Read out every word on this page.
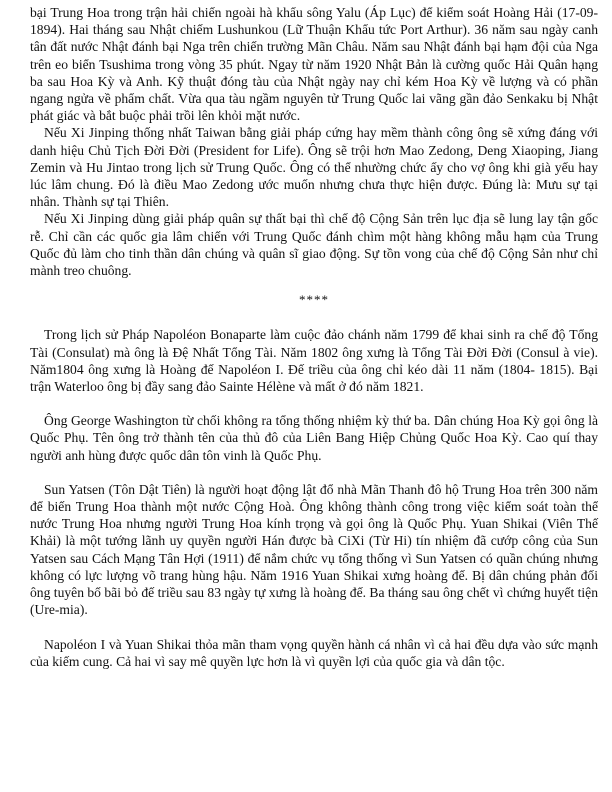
bại Trung Hoa trong trận hải chiến ngoài hà khẩu sông Yalu (Áp Lục) để kiểm soát Hoàng Hải (17-09-1894). Hai tháng sau Nhật chiếm Lushunkou (Lữ Thuận Khẩu tức Port Arthur). 36 năm sau ngày canh tân đất nước Nhật đánh bại Nga trên chiến trường Mãn Châu. Năm sau Nhật đánh bại hạm đội của Nga trên eo biển Tsushima trong vòng 35 phút. Ngay từ năm 1920 Nhật Bản là cường quốc Hải Quân hạng ba sau Hoa Kỳ và Anh. Kỹ thuật đóng tàu của Nhật ngày nay chỉ kém Hoa Kỳ về lượng và có phần ngang ngửa về phẩm chất. Vừa qua tàu ngầm nguyên tử Trung Quốc lai vãng gần đảo Senkaku bị Nhật phát giác và bắt buộc phải trồi lên khỏi mặt nước.

Nếu Xi Jinping thống nhất Taiwan bằng giải pháp cứng hay mềm thành công ông sẽ xứng đáng với danh hiệu Chủ Tịch Đời Đời (President for Life). Ông sẽ trội hơn Mao Zedong, Deng Xiaoping, Jiang Zemin và Hu Jintao trong lịch sử Trung Quốc. Ông có thể nhường chức ấy cho vợ ông khi già yếu hay lúc lâm chung. Đó là điều Mao Zedong ước muốn nhưng chưa thực hiện được. Đúng là: Mưu sự tại nhân. Thành sự tại Thiên.

Nếu Xi Jinping dùng giải pháp quân sự thất bại thì chế độ Cộng Sản trên lục địa sẽ lung lay tận gốc rễ. Chỉ cần các quốc gia lâm chiến với Trung Quốc đánh chìm một hàng không mẫu hạm của Trung Quốc đủ làm cho tinh thần dân chúng và quân sĩ giao động. Sự tồn vong của chế độ Cộng Sản như chỉ mành treo chuông.

****

Trong lịch sử Pháp Napoléon Bonaparte làm cuộc đảo chánh năm 1799 để khai sinh ra chế độ Tổng Tài (Consulat) mà ông là Đệ Nhất Tổng Tài. Năm 1802 ông xưng là Tổng Tài Đời Đời (Consul à vie). Năm1804 ông xưng là Hoàng đế Napoléon I. Đế triều của ông chỉ kéo dài 11 năm (1804- 1815). Bại trận Waterloo ông bị đầy sang đảo Sainte Hélène và mất ở đó năm 1821.

Ông George Washington từ chối không ra tổng thống nhiệm kỳ thứ ba. Dân chúng Hoa Kỳ gọi ông là Quốc Phụ. Tên ông trở thành tên của thủ đô của Liên Bang Hiệp Chủng Quốc Hoa Kỳ. Cao quí thay người anh hùng được quốc dân tôn vinh là Quốc Phụ.

Sun Yatsen (Tôn Dật Tiên) là người hoạt động lật đổ nhà Mãn Thanh đô hộ Trung Hoa trên 300 năm để biến Trung Hoa thành một nước Cộng Hoà. Ông không thành công trong việc kiểm soát toàn thể nước Trung Hoa nhưng người Trung Hoa kính trọng và gọi ông là Quốc Phụ. Yuan Shikai (Viên Thế Khải) là một tướng lãnh uy quyền người Hán được bà CiXi (Từ Hi) tín nhiệm đã cướp công của Sun Yatsen sau Cách Mạng Tân Hợi (1911) để nắm chức vụ tổng thống vì Sun Yatsen có quần chúng nhưng không có lực lượng võ trang hùng hậu. Năm 1916 Yuan Shikai xưng hoàng đế. Bị dân chúng phản đối ông tuyên bố bãi bỏ đế triều sau 83 ngày tự xưng là hoàng đế. Ba tháng sau ông chết vì chứng huyết tiện (Ure-mia).

Napoléon I và Yuan Shikai thỏa mãn tham vọng quyền hành cá nhân vì cả hai đều dựa vào sức mạnh của kiếm cung. Cả hai vì say mê quyền lực hơn là vì quyền lợi của quốc gia và dân tộc.
